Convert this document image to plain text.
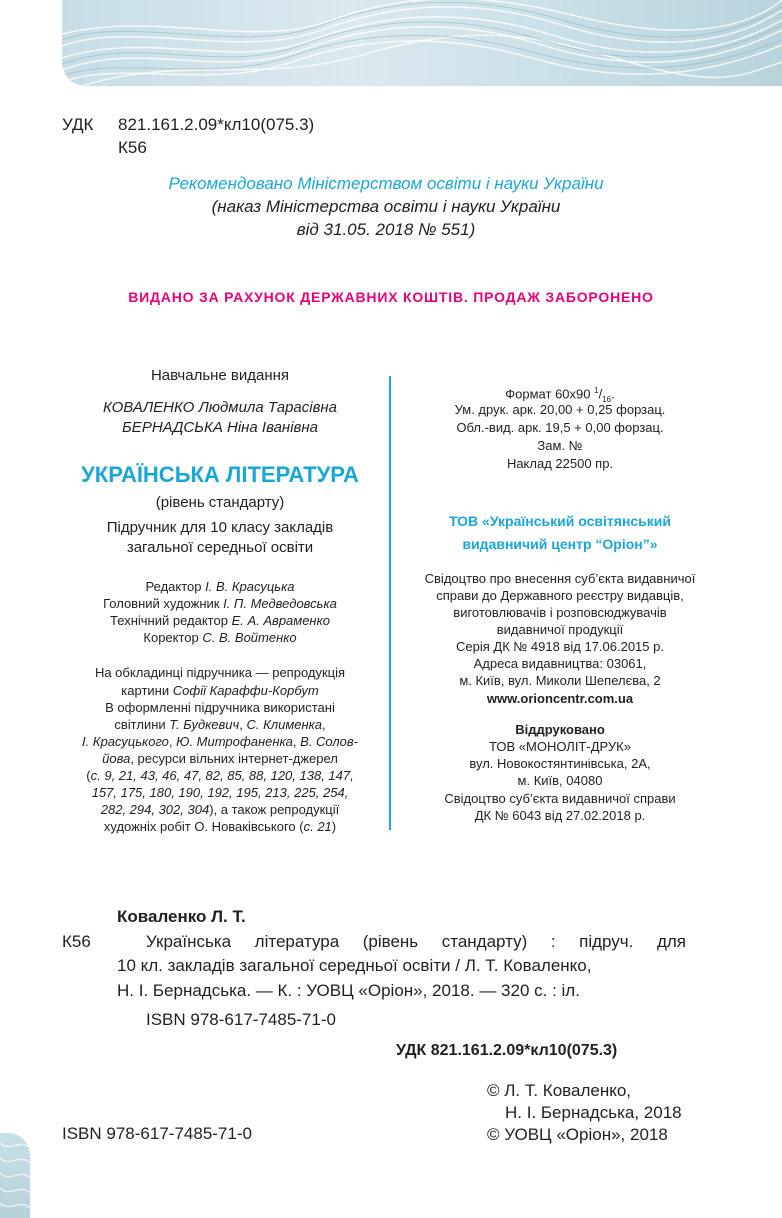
УДК 821.161.2.09*кл10(075.3)
К56
Рекомендовано Міністерством освіти і науки України
(наказ Міністерства освіти і науки України
від 31.05. 2018 № 551)
ВИДАНО ЗА РАХУНОК ДЕРЖАВНИХ КОШТІВ. ПРОДАЖ ЗАБОРОНЕНО
Навчальне видання
КОВАЛЕНКО Людмила Тарасівна
БЕРНАДСЬКА Ніна Іванівна
УКРАЇНСЬКА ЛІТЕРАТУРА
(рівень стандарту)
Підручник для 10 класу закладів
загальної середньої освіти
Редактор І. В. Красуцька
Головний художник І. П. Медведовська
Технічний редактор Е. А. Авраменко
Коректор С. В. Войтенко
На обкладинці підручника — репродукція
картини Софії Караффи-Корбут
В оформленні підручника використані
світлини Т. Будкевич, С. Клименка,
І. Красуцького, Ю. Митрофаненка, В. Солов-
йова, ресурси вільних інтернет-джерел
(с. 9, 21, 43, 46, 47, 82, 85, 88, 120, 138, 147,
157, 175, 180, 190, 192, 195, 213, 225, 254,
282, 294, 302, 304), а також репродукції
художніх робіт О. Новаківського (с. 21)
Формат 60х90 $^1/_{16}$.
Ум. друк. арк. 20,00 + 0,25 форзац.
Обл.-вид. арк. 19,5 + 0,00 форзац.
Зам. №
Наклад 22500 пр.
ТОВ «Український освітянський
видавничий центр “Оріон”»
Свідоцтво про внесення суб’єкта видавничої
справи до Державного реєстру видавців,
виготовлювачів і розповсюджувачів
видавничої продукції
Серія ДК № 4918 від 17.06.2015 р.
Адреса видавництва: 03061,
м. Київ, вул. Миколи Шепелєва, 2
www.orioncentr.com.ua
Віддруковано
ТОВ «МОНОЛІТ-ДРУК»
вул. Новокостянтинівська, 2А,
м. Київ, 04080
Свідоцтво суб’єкта видавничої справи
ДК № 6043 від 27.02.2018 р.
Коваленко Л. Т.
К56	Українська література (рівень стандарту) : підруч. для
10 кл. закладів загальної середньої освіти / Л. Т. Коваленко,
Н. І. Бернадська. — К. : УОВЦ «Оріон», 2018. — 320 с. : іл.
ISBN 978-617-7485-71-0
УДК 821.161.2.09*кл10(075.3)
© Л. Т. Коваленко,
Н. І. Бернадська, 2018
ISBN 978-617-7485-71-0	© УОВЦ «Оріон», 2018
